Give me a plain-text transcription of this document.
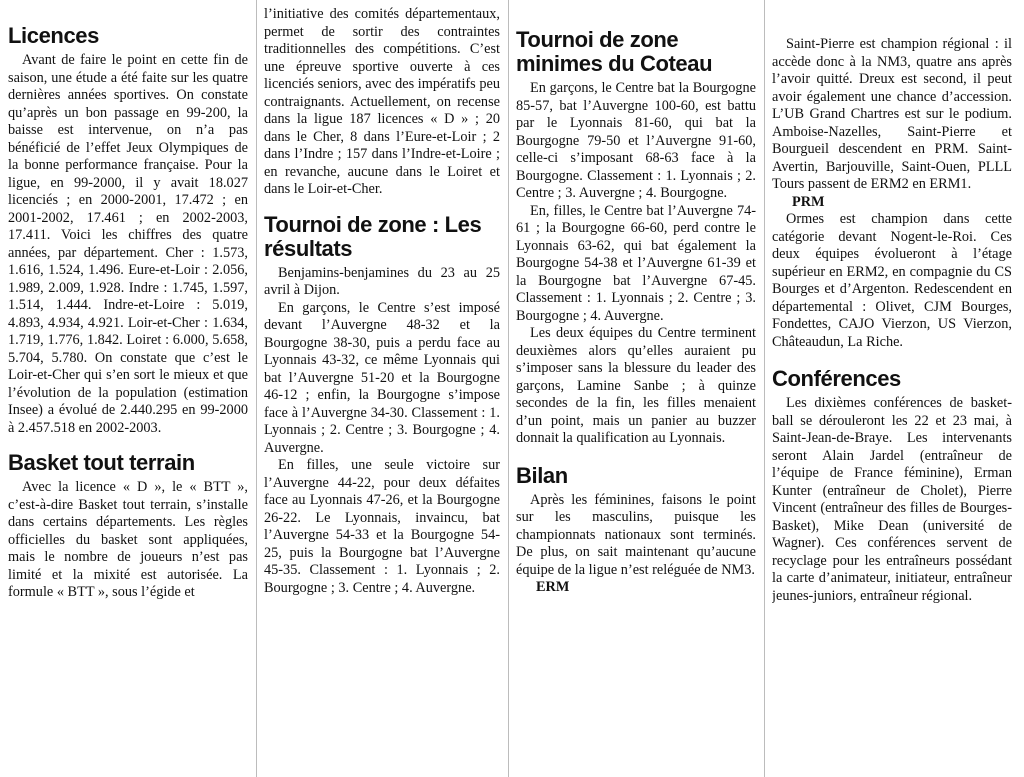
Licences

Avant de faire le point en cette fin de saison, une étude a été faite sur les quatre dernières années sportives. On constate qu’après un bon passage en 99-200, la baisse est intervenue, on n’a pas bénéficié de l’effet Jeux Olympiques de la bonne performance française. Pour la ligue, en 99-2000, il y avait 18.027 licenciés ; en 2000-2001, 17.472 ; en 2001-2002, 17.461 ; en 2002-2003, 17.411. Voici les chiffres des quatre années, par département. Cher : 1.573, 1.616, 1.524, 1.496. Eure-et-Loir : 2.056, 1.989, 2.009, 1.928. Indre : 1.745, 1.597, 1.514, 1.444. Indre-et-Loire : 5.019, 4.893, 4.934, 4.921. Loir-et-Cher : 1.634, 1.719, 1.776, 1.842. Loiret : 6.000, 5.658, 5.704, 5.780. On constate que c’est le Loir-et-Cher qui s’en sort le mieux et que l’évolution de la population (estimation Insee) a évolué de 2.440.295 en 99-2000 à 2.457.518 en 2002-2003.

Basket tout terrain

Avec la licence « D », le « BTT », c’est-à-dire Basket tout terrain, s’installe dans certains départements. Les règles officielles du basket sont appliquées, mais le nombre de joueurs n’est pas limité et la mixité est autorisée. La formule « BTT », sous l’égide et

l’initiative des comités départementaux, permet de sortir des contraintes traditionnelles des compétitions. C’est une épreuve sportive ouverte à ces licenciés seniors, avec des impératifs peu contraignants. Actuellement, on recense dans la ligue 187 licences « D » ; 20 dans le Cher, 8 dans l’Eure-et-Loir ; 2 dans l’Indre ; 157 dans l’Indre-et-Loire ; en revanche, aucune dans le Loiret et dans le Loir-et-Cher.

Tournoi de zone : Les résultats

Benjamins-benjamines du 23 au 25 avril à Dijon.

En garçons, le Centre s’est imposé devant l’Auvergne 48-32 et la Bourgogne 38-30, puis a perdu face au Lyonnais 43-32, ce même Lyonnais qui bat l’Auvergne 51-20 et la Bourgogne 46-12 ; enfin, la Bourgogne s’impose face à l’Auvergne 34-30. Classement : 1. Lyonnais ; 2. Centre ; 3. Bourgogne ; 4. Auvergne.

En filles, une seule victoire sur l’Auvergne 44-22, pour deux défaites face au Lyonnais 47-26, et la Bourgogne 26-22. Le Lyonnais, invaincu, bat l’Auvergne 54-33 et la Bourgogne 54-25, puis la Bourgogne bat l’Auvergne 45-35. Classement : 1. Lyonnais ; 2. Bourgogne ; 3. Centre ; 4. Auvergne.

Tournoi de zone minimes du Coteau

En garçons, le Centre bat la Bourgogne 85-57, bat l’Auvergne 100-60, est battu par le Lyonnais 81-60, qui bat la Bourgogne 79-50 et l’Auvergne 91-60, celle-ci s’imposant 68-63 face à la Bourgogne. Classement : 1. Lyonnais ; 2. Centre ; 3. Auvergne ; 4. Bourgogne.

En, filles, le Centre bat l’Auvergne 74-61 ; la Bourgogne 66-60, perd contre le Lyonnais 63-62, qui bat également la Bourgogne 54-38 et l’Auvergne 61-39 et la Bourgogne bat l’Auvergne 67-45. Classement : 1. Lyonnais ; 2. Centre ; 3. Bourgogne ; 4. Auvergne.

Les deux équipes du Centre terminent deuxièmes alors qu’elles auraient pu s’imposer sans la blessure du leader des garçons, Lamine Sanbe ; à quinze secondes de la fin, les filles menaient d’un point, mais un panier au buzzer donnait la qualification au Lyonnais.

Bilan

Après les féminines, faisons le point sur les masculins, puisque les championnats nationaux sont terminés. De plus, on sait maintenant qu’aucune équipe de la ligue n’est reléguée de NM3.

ERM

Saint-Pierre est champion régional : il accède donc à la NM3, quatre ans après l’avoir quitté. Dreux est second, il peut avoir également une chance d’accession. L’UB Grand Chartres est sur le podium. Amboise-Nazelles, Saint-Pierre et Bourgueil descendent en PRM. Saint-Avertin, Barjouville, Saint-Ouen, PLLL Tours passent de ERM2 en ERM1.

PRM

Ormes est champion dans cette catégorie devant Nogent-le-Roi. Ces deux équipes évolueront à l’étage supérieur en ERM2, en compagnie du CS Bourges et d’Argenton. Redescendent en départemental : Olivet, CJM Bourges, Fondettes, CAJO Vierzon, US Vierzon, Châteaudun, La Riche.

Conférences

Les dixièmes conférences de basket-ball se dérouleront les 22 et 23 mai, à Saint-Jean-de-Braye. Les intervenants seront Alain Jardel (entraîneur de l’équipe de France féminine), Erman Kunter (entraîneur de Cholet), Pierre Vincent (entraîneur des filles de Bourges-Basket), Mike Dean (université de Wagner). Ces conférences servent de recyclage pour les entraîneurs possédant la carte d’animateur, initiateur, entraîneur jeunes-juniors, entraîneur régional.
